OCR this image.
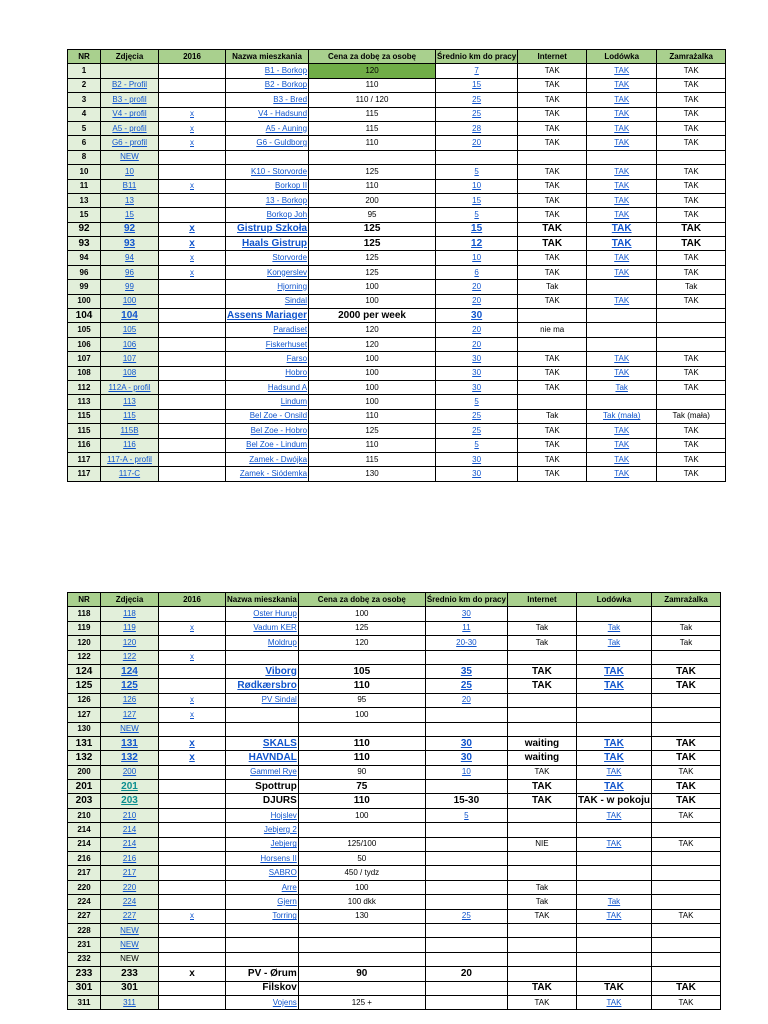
NR	Zdjęcia	2016	Nazwa mieszkania	Cena za dobę za osobę	Średnio km do pracy	Internet	Lodówka	Zamrażalka
1			B1 - Borkop	120	7	TAK	TAK	TAK
2	B2 - Profil		B2 - Borkop	110	15	TAK	TAK	TAK
3	B3 - profil		B3 - Bred	110 / 120	25	TAK	TAK	TAK
4	V4 - profil	x	V4 - Hadsund	115	25	TAK	TAK	TAK
5	A5 - profil	x	A5 - Auning	115	28	TAK	TAK	TAK
6	G6 - profil	x	G6 - Guldborg	110	20	TAK	TAK	TAK
8	NEW							
10	10		K10 - Storvorde	125	5	TAK	TAK	TAK
11	B11	x	Borkop II	110	10	TAK	TAK	TAK
13	13		13 - Borkop	200	15	TAK	TAK	TAK
15	15		Borkop Joh	95	5	TAK	TAK	TAK
92	92	x	Gistrup Szkoła	125	15	TAK	TAK	TAK
93	93	x	Haals Gistrup	125	12	TAK	TAK	TAK
94	94	x	Storvorde	125	10	TAK	TAK	TAK
96	96	x	Kongerslev	125	6	TAK	TAK	TAK
99	99		Hjorning	100	20	Tak		Tak
100	100		Sindal	100	20	TAK	TAK	TAK
104	104		Assens Mariager	2000 per week	30			
105	105		Paradiset	120	20	nie ma		
106	106		Fiskerhuset	120	20			
107	107		Farso	100	30	TAK	TAK	TAK
108	108		Hobro	100	30	TAK	TAK	TAK
112	112A - profil		Hadsund A	100	30	TAK	Tak	TAK
113	113		Lindum	100	5			
115	115		Bel Zoe - Onsild	110	25	Tak	Tak (mała)	Tak (mała)
115	115B		Bel Zoe - Hobro	125	25	TAK	TAK	TAK
116	116		Bel Zoe - Lindum	110	5	TAK	TAK	TAK
117	117-A - profil		Zamek - Dwójka	115	30	TAK	TAK	TAK
117	117-C		Zamek - Siódemka	130	30	TAK	TAK	TAK
NR	Zdjęcia	2016	Nazwa mieszkania	Cena za dobę za osobę	Średnio km do pracy	Internet	Lodówka	Zamrażalka
118	118		Oster Hurup	100	30			
119	119	x	Vadum KER	125	11	Tak	Tak	Tak
120	120		Moldrup	120	20-30	Tak	Tak	Tak
122	122	x						
124	124		Viborg	105	35	TAK	TAK	TAK
125	125		Rødkærsbro	110	25	TAK	TAK	TAK
126	126	x	PV Sindal	95	20			
127	127	x		100				
130	NEW							
131	131	x	SKALS	110	30	waiting	TAK	TAK
132	132	x	HAVNDAL	110	30	waiting	TAK	TAK
200	200		Gammel Rye	90	10	TAK	TAK	TAK
201	201		Spottrup	75		TAK	TAK	TAK
203	203		DJURS	110	15-30	TAK	TAK - w pokoju	TAK
210	210		Hojslev	100	5		TAK	TAK
214	214		Jebjerg 2					
214	214		Jebjerg	125/100		NIE	TAK	TAK
216	216		Horsens II	50				
217	217		SABRO	450 / tydz				
220	220		Arre	100		Tak		
224	224		Gjern	100 dkk		Tak	Tak	
227	227	x	Torring	130	25	TAK	TAK	TAK
228	NEW							
231	NEW							
232	NEW							
233	233	x	PV - Ørum	90	20			
301	301		Filskov			TAK	TAK	TAK
311	311		Vojens	125 +		TAK	TAK	TAK
